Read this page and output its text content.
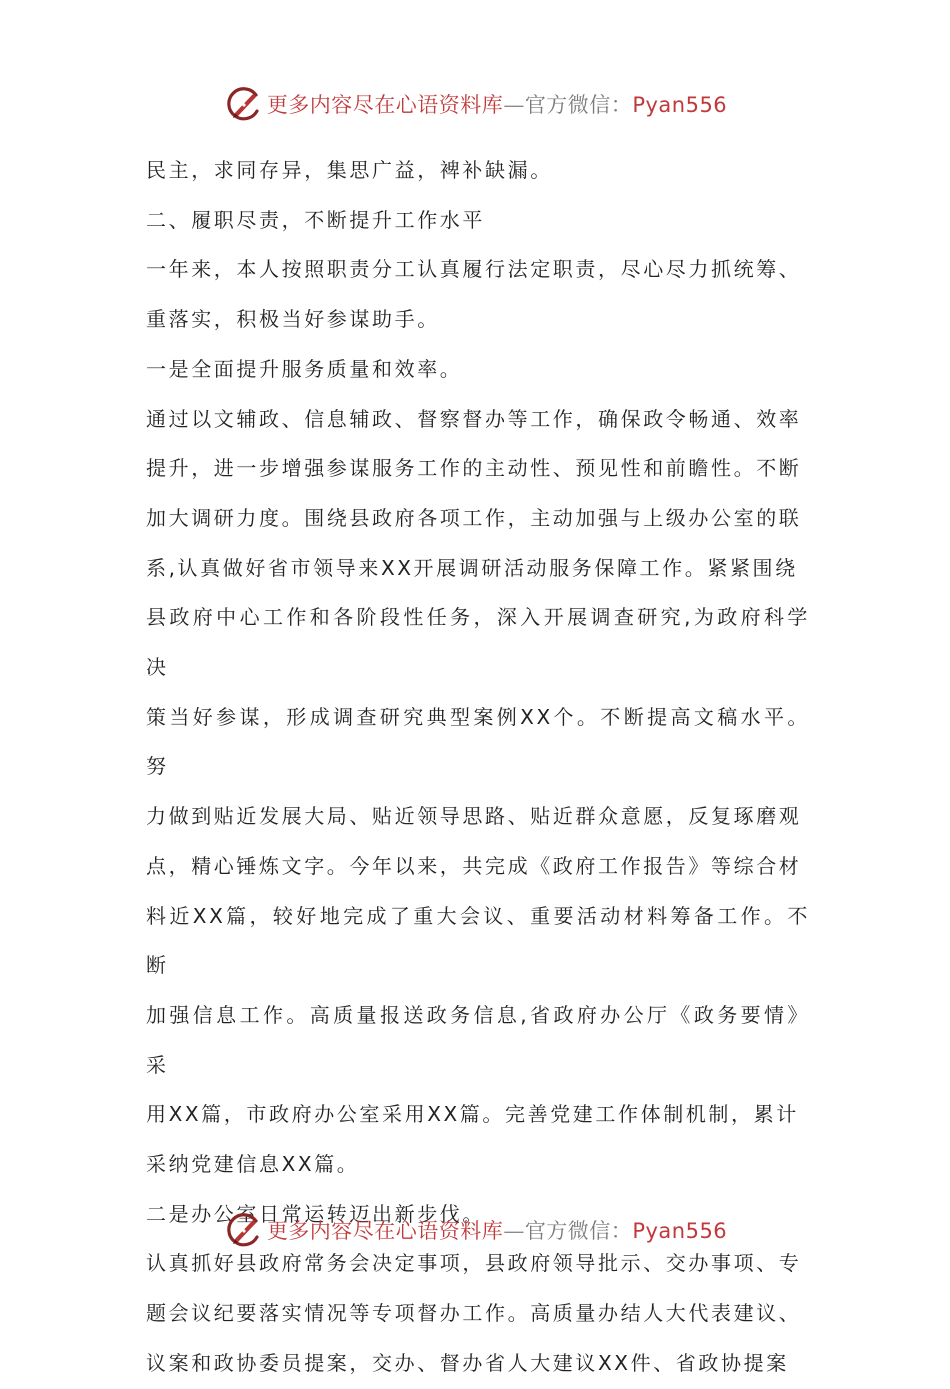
更多内容尽在心语资料库—官方微信：Pyan556

民主，求同存异，集思广益，裨补缺漏。

二、履职尽责，不断提升工作水平

一年来，本人按照职责分工认真履行法定职责，尽心尽力抓统筹、

重落实，积极当好参谋助手。

一是全面提升服务质量和效率。

通过以文辅政、信息辅政、督察督办等工作，确保政令畅通、效率

提升，进一步增强参谋服务工作的主动性、预见性和前瞻性。不断

加大调研力度。围绕县政府各项工作，主动加强与上级办公室的联

系,认真做好省市领导来XX开展调研活动服务保障工作。紧紧围绕

县政府中心工作和各阶段性任务，深入开展调查研究,为政府科学决

策当好参谋，形成调查研究典型案例XX个。不断提高文稿水平。努

力做到贴近发展大局、贴近领导思路、贴近群众意愿，反复琢磨观

点，精心锤炼文字。今年以来，共完成《政府工作报告》等综合材

料近XX篇，较好地完成了重大会议、重要活动材料筹备工作。不断

加强信息工作。高质量报送政务信息,省政府办公厅《政务要情》采

用XX篇，市政府办公室采用XX篇。完善党建工作体制机制，累计

采纳党建信息XX篇。

二是办公室日常运转迈出新步伐。

认真抓好县政府常务会决定事项，县政府领导批示、交办事项、专

题会议纪要落实情况等专项督办工作。高质量办结人大代表建议、

议案和政协委员提案，交办、督办省人大建议XX件、省政协提案

更多内容尽在心语资料库—官方微信：Pyan556
